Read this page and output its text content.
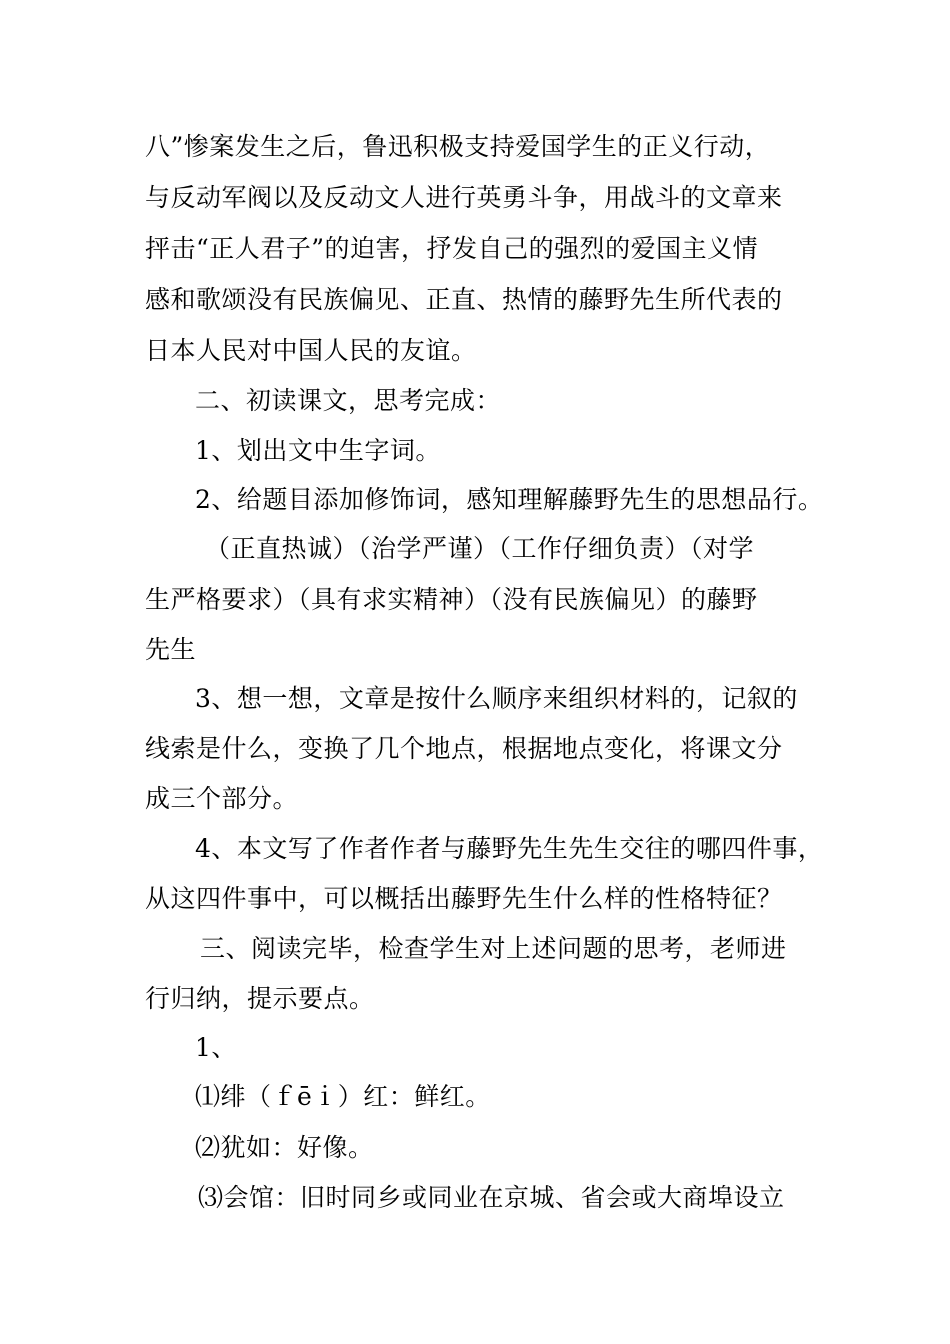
八”惨案发生之后，鲁迅积极支持爱国学生的正义行动，
与反动军阀以及反动文人进行英勇斗争，用战斗的文章来
抨击“正人君子”的迫害，抒发自己的强烈的爱国主义情
感和歌颂没有民族偏见、正直、热情的藤野先生所代表的
日本人民对中国人民的友谊。
二、初读课文，思考完成：
1、划出文中生字词。
2、给题目添加修饰词，感知理解藤野先生的思想品行。
（正直热诚）（治学严谨）（工作仔细负责）（对学
生严格要求）（具有求实精神）（没有民族偏见）的藤野
先生
3、想一想，文章是按什么顺序来组织材料的，记叙的
线索是什么，变换了几个地点，根据地点变化，将课文分
成三个部分。
4、本文写了作者作者与藤野先生先生交往的哪四件事，
从这四件事中，可以概括出藤野先生什么样的性格特征？
三、阅读完毕，检查学生对上述问题的思考，老师进
行归纳，提示要点。
1、
⑴绯（ｆēｉ）红：鲜红。
⑵犹如：好像。
⑶会馆：旧时同乡或同业在京城、省会或大商埠设立
